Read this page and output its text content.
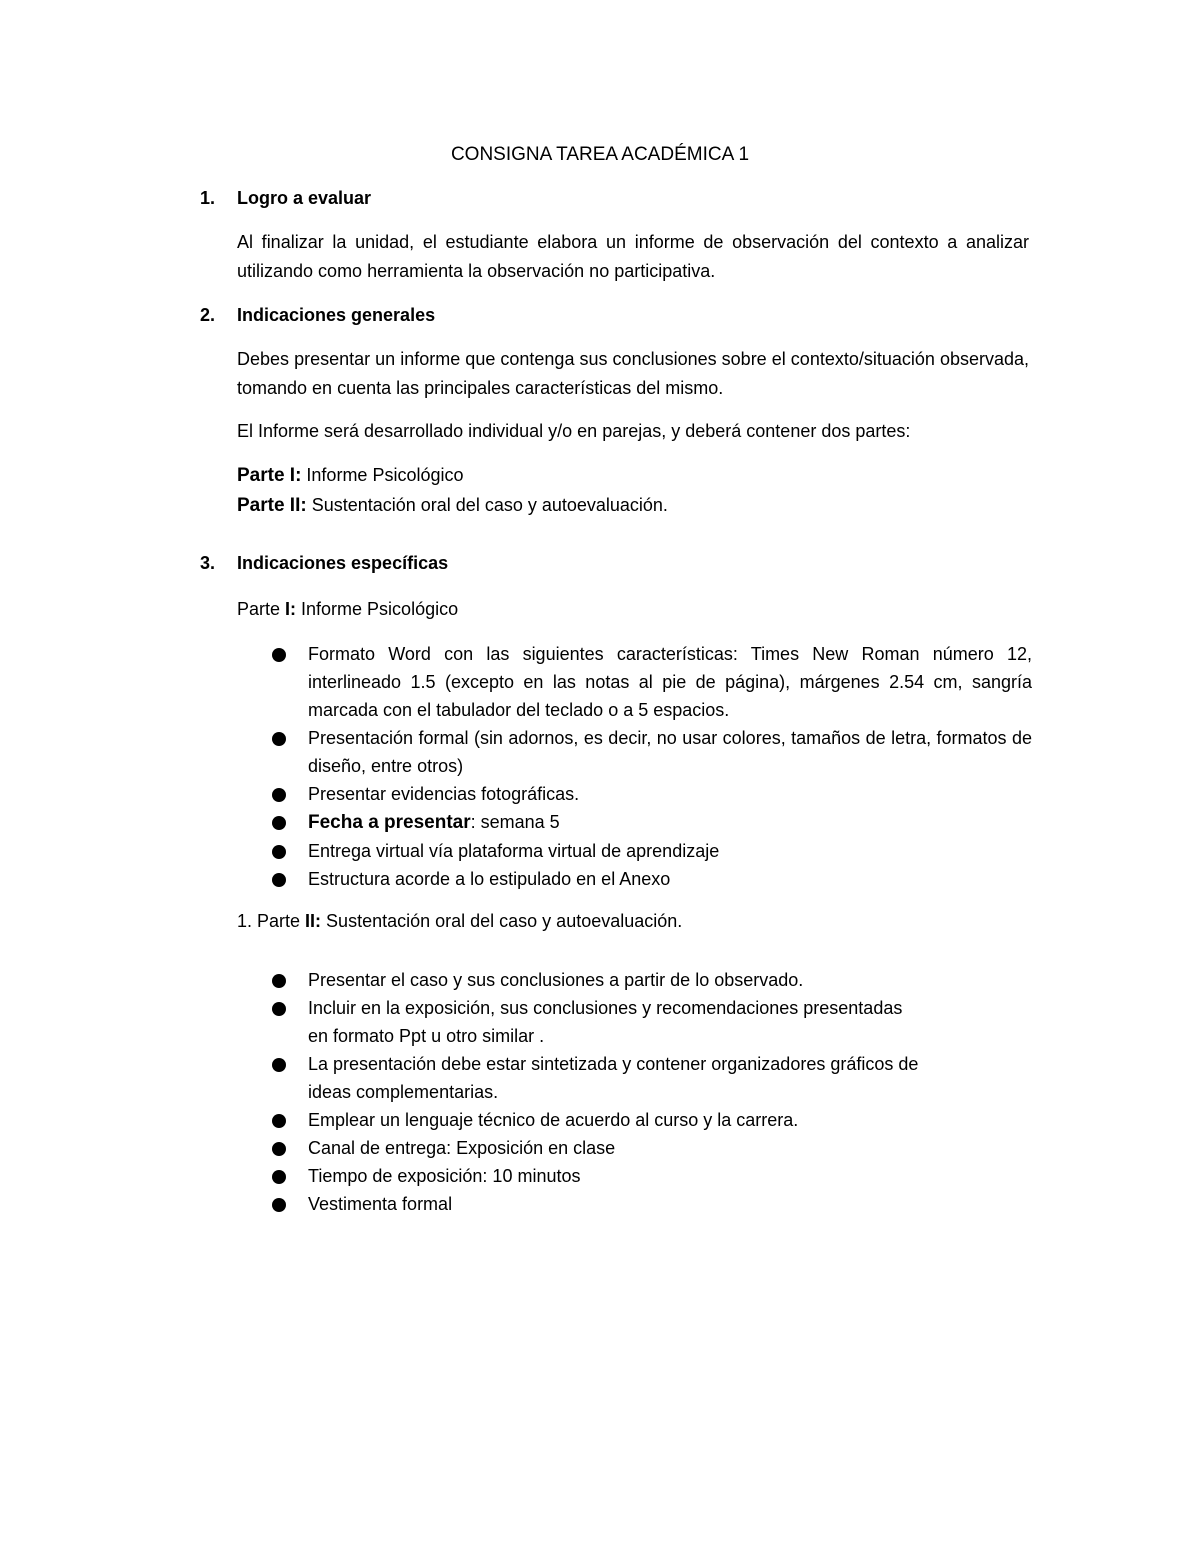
CONSIGNA TAREA ACADÉMICA 1
1. Logro a evaluar

Al finalizar la unidad, el estudiante elabora un informe de observación del contexto a analizar utilizando como herramienta la observación no participativa.

2. Indicaciones generales

Debes presentar un informe que contenga sus conclusiones sobre el contexto/situación observada, tomando en cuenta las principales características del mismo.

El Informe será desarrollado individual y/o en parejas, y deberá contener dos partes:
Parte I: Informe Psicológico
Parte II: Sustentación oral del caso y autoevaluación.
3. Indicaciones específicas
Parte I: Informe Psicológico
Formato Word con las siguientes características: Times New Roman número 12, interlineado 1.5 (excepto en las notas al pie de página), márgenes 2.54 cm, sangría marcada con el tabulador del teclado o a 5 espacios.
Presentación formal (sin adornos, es decir, no usar colores, tamaños de letra, formatos de diseño, entre otros)
Presentar evidencias fotográficas.
Fecha a presentar: semana 5
Entrega virtual vía plataforma virtual de aprendizaje
Estructura acorde a lo estipulado en el Anexo
1. Parte II: Sustentación oral del caso y autoevaluación.
Presentar el caso y sus conclusiones a partir de lo observado.
Incluir en la exposición, sus conclusiones y recomendaciones presentadas
en formato Ppt u otro similar .
La presentación debe estar sintetizada y contener organizadores gráficos de
ideas complementarias.
Emplear un lenguaje técnico de acuerdo al curso y la carrera.
Canal de entrega: Exposición en clase
Tiempo de exposición: 10 minutos
Vestimenta formal
